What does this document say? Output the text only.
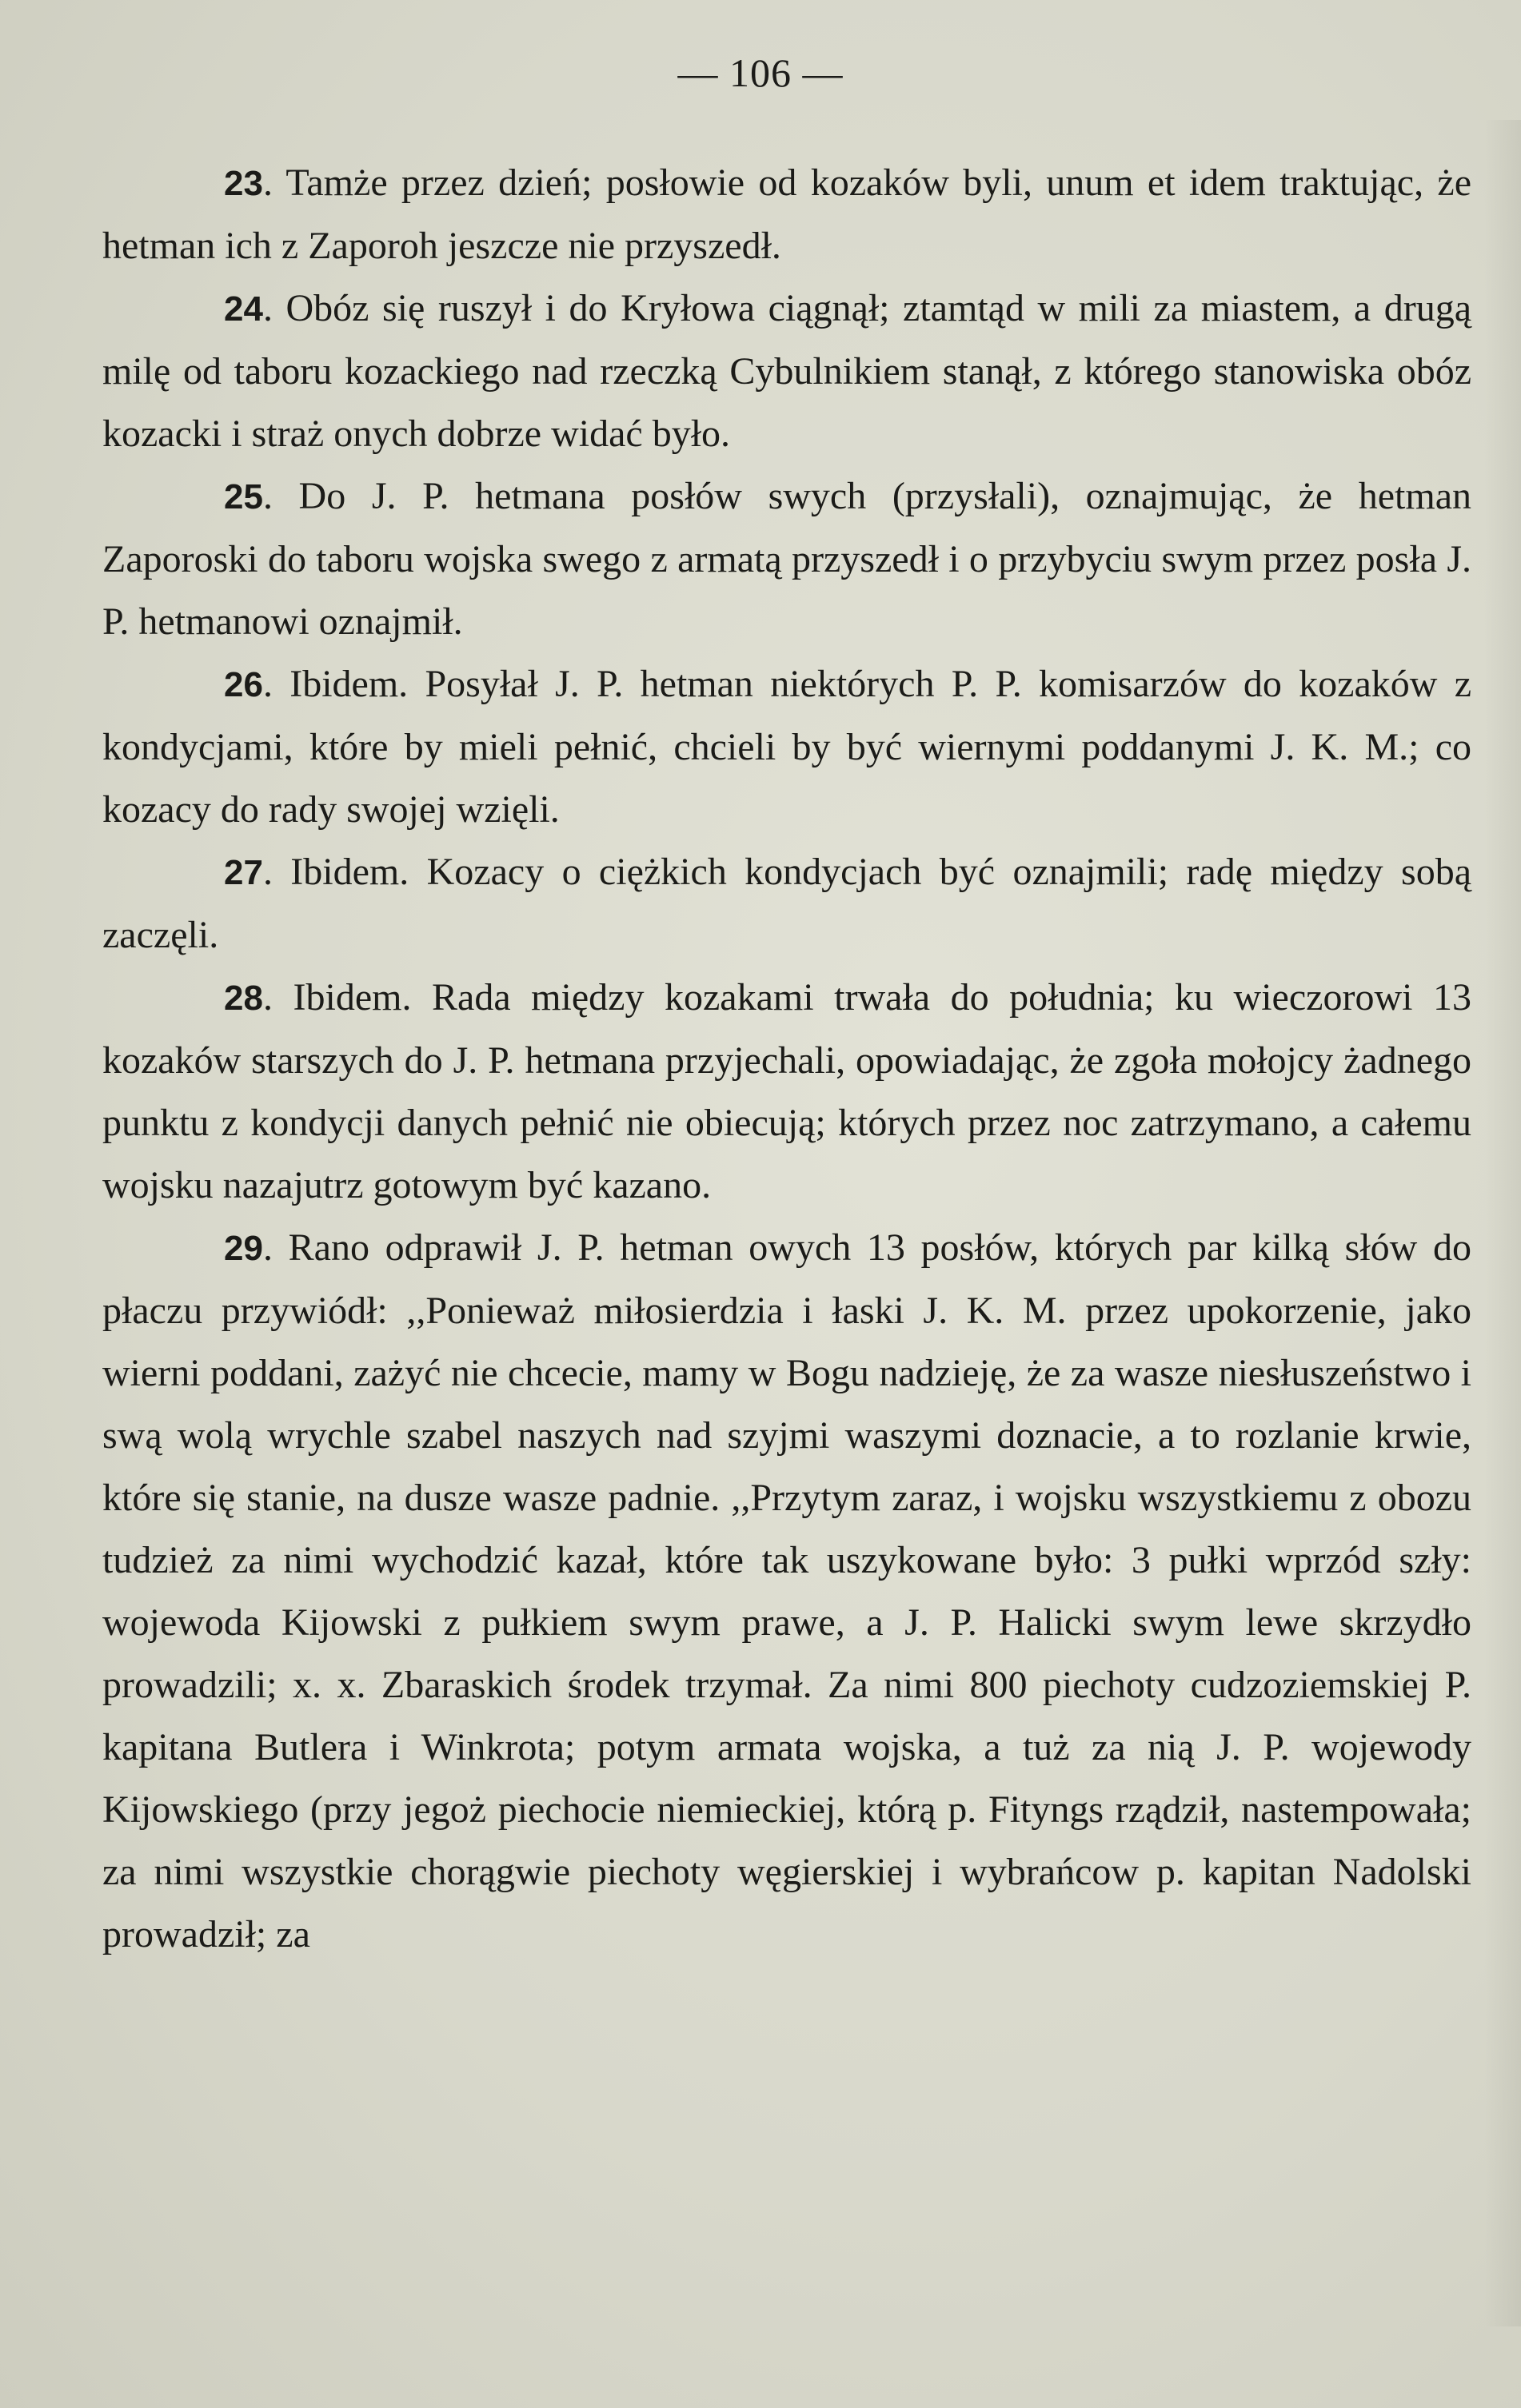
— 106 —

23. Tamże przez dzień; posłowie od kozaków byli, unum et idem traktując, że hetman ich z Zaporoh jeszcze nie przyszedł.

24. Obóz się ruszył i do Kryłowa ciągnął; ztamtąd w mili za miastem, a drugą milę od taboru kozackiego nad rzeczką Cybulnikiem stanął, z którego stanowiska obóz kozacki i straż onych dobrze widać było.

25. Do J. P. hetmana posłów swych (przysłali), oznajmując, że hetman Zaporoski do taboru wojska swego z armatą przyszedł i o przybyciu swym przez posła J. P. hetmanowi oznajmił.

26. Ibidem. Posyłał J. P. hetman niektórych P. P. komisarzów do kozaków z kondycjami, które by mieli pełnić, chcieli by być wiernymi poddanymi J. K. M.; co kozacy do rady swojej wzięli.

27. Ibidem. Kozacy o ciężkich kondycjach być oznajmili; radę między sobą zaczęli.

28. Ibidem. Rada między kozakami trwała do południa; ku wieczorowi 13 kozaków starszych do J. P. hetmana przyjechali, opowiadając, że zgoła mołojcy żadnego punktu z kondycji danych pełnić nie obiecują; których przez noc zatrzymano, a całemu wojsku nazajutrz gotowym być kazano.

29. Rano odprawił J. P. hetman owych 13 posłów, których par kilką słów do płaczu przywiódł: ,,Ponieważ miłosierdzia i łaski J. K. M. przez upokorzenie, jako wierni poddani, zażyć nie chcecie, mamy w Bogu nadzieję, że za wasze niesłuszeństwo i swą wolą wrychle szabel naszych nad szyjmi waszymi doznacie, a to rozlanie krwie, które się stanie, na dusze wasze padnie. ,,Przytym zaraz, i wojsku wszystkiemu z obozu tudzież za nimi wychodzić kazał, które tak uszykowane było: 3 pułki wprzód szły: wojewoda Kijowski z pułkiem swym prawe, a J. P. Halicki swym lewe skrzydło prowadzili; x. x. Zbaraskich środek trzymał. Za nimi 800 piechoty cudzoziemskiej P. kapitana Butlera i Winkrota; potym armata wojska, a tuż za nią J. P. wojewody Kijowskiego (przy jegoż piechocie niemieckiej, którą p. Fityngs rządził, nastempowała; za nimi wszystkie chorągwie piechoty węgierskiej i wybrańcow p. kapitan Nadolski prowadził; za
